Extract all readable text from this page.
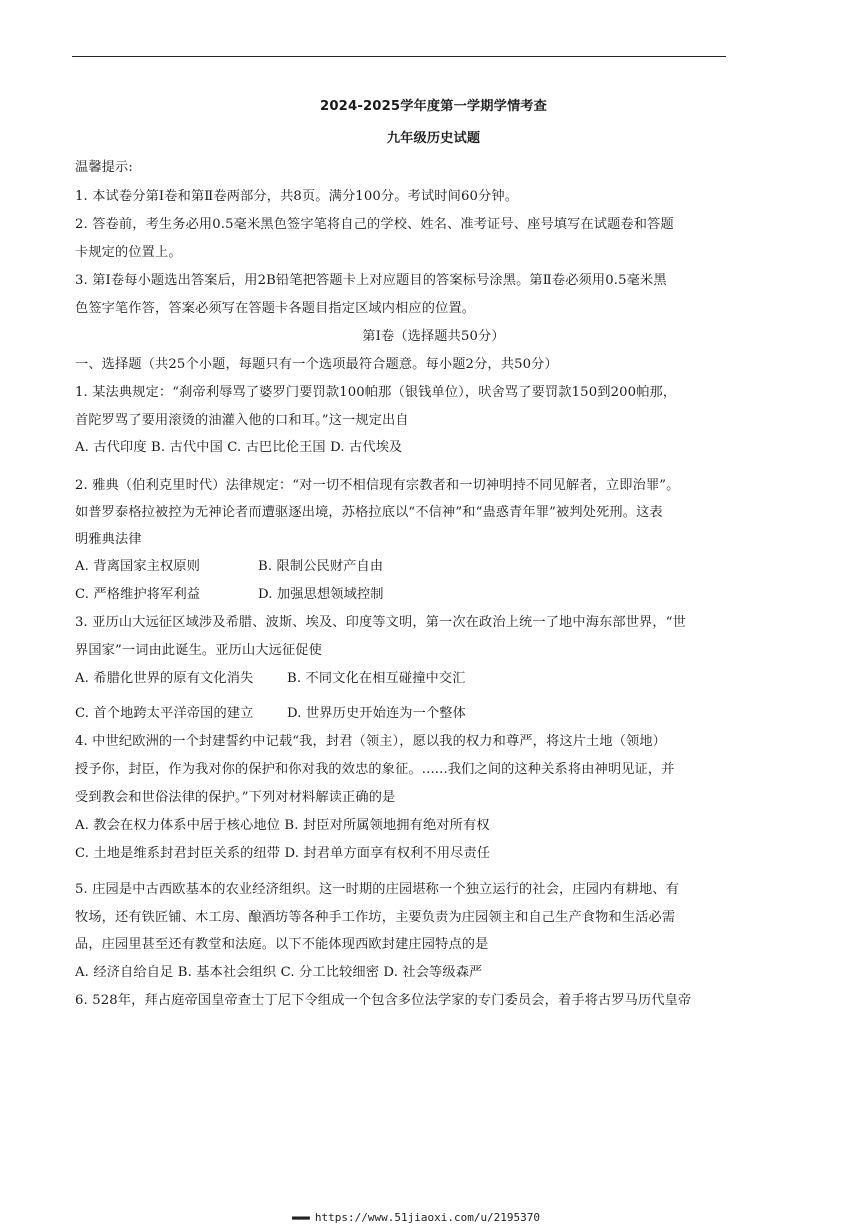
2024-2025学年度第一学期学情考查
九年级历史试题
温馨提示:
1. 本试卷分第Ⅰ卷和第Ⅱ卷两部分，共8页。满分100分。考试时间60分钟。
2. 答卷前，考生务必用0.5毫米黑色签字笔将自己的学校、姓名、准考证号、座号填写在试题卷和答题
卡规定的位置上。
3. 第Ⅰ卷每小题选出答案后，用2B铅笔把答题卡上对应题目的答案标号涂黑。第Ⅱ卷必须用0.5毫米黑
色签字笔作答，答案必须写在答题卡各题目指定区域内相应的位置。
第Ⅰ卷（选择题共50分）
一、选择题（共25个小题，每题只有一个选项最符合题意。每小题2分，共50分）
1. 某法典规定：“刹帝利辱骂了婆罗门要罚款100帕那（银钱单位），吠舍骂了要罚款150到200帕那，
首陀罗骂了要用滚烫的油灌入他的口和耳。”这一规定出自
A. 古代印度 B. 古代中国 C. 古巴比伦王国 D. 古代埃及
2. 雅典（伯利克里时代）法律规定：“对一切不相信现有宗教者和一切神明持不同见解者，立即治罪”。
如普罗泰格拉被控为无神论者而遭驱逐出境，苏格拉底以“不信神”和“蛊惑青年罪”被判处死刑。这表
明雅典法律
A. 背离国家主权原则	B. 限制公民财产自由
C. 严格维护将军利益	D. 加强思想领域控制
3. 亚历山大远征区域涉及希腊、波斯、埃及、印度等文明，第一次在政治上统一了地中海东部世界，“世
界国家”一词由此诞生。亚历山大远征促使
A. 希腊化世界的原有文化消失	B. 不同文化在相互碰撞中交汇
C. 首个地跨太平洋帝国的建立	D. 世界历史开始连为一个整体
4. 中世纪欧洲的一个封建誓约中记载“我，封君（领主），愿以我的权力和尊严，将这片土地（领地）
授予你，封臣，作为我对你的保护和你对我的效忠的象征。......我们之间的这种关系将由神明见证，并
受到教会和世俗法律的保护。”下列对材料解读正确的是
A. 教会在权力体系中居于核心地位 B. 封臣对所属领地拥有绝对所有权
C. 土地是维系封君封臣关系的纽带 D. 封君单方面享有权利不用尽责任
5. 庄园是中古西欧基本的农业经济组织。这一时期的庄园堪称一个独立运行的社会，庄园内有耕地、有
牧场，还有铁匠铺、木工房、酿酒坊等各种手工作坊，主要负责为庄园领主和自己生产食物和生活必需
品，庄园里甚至还有教堂和法庭。以下不能体现西欧封建庄园特点的是
A. 经济自给自足 B. 基本社会组织 C. 分工比较细密 D. 社会等级森严
6. 528年，拜占庭帝国皇帝查士丁尼下令组成一个包含多位法学家的专门委员会，着手将古罗马历代皇帝
▬▬▬ https://www.51jiaoxi.com/u/2195370
